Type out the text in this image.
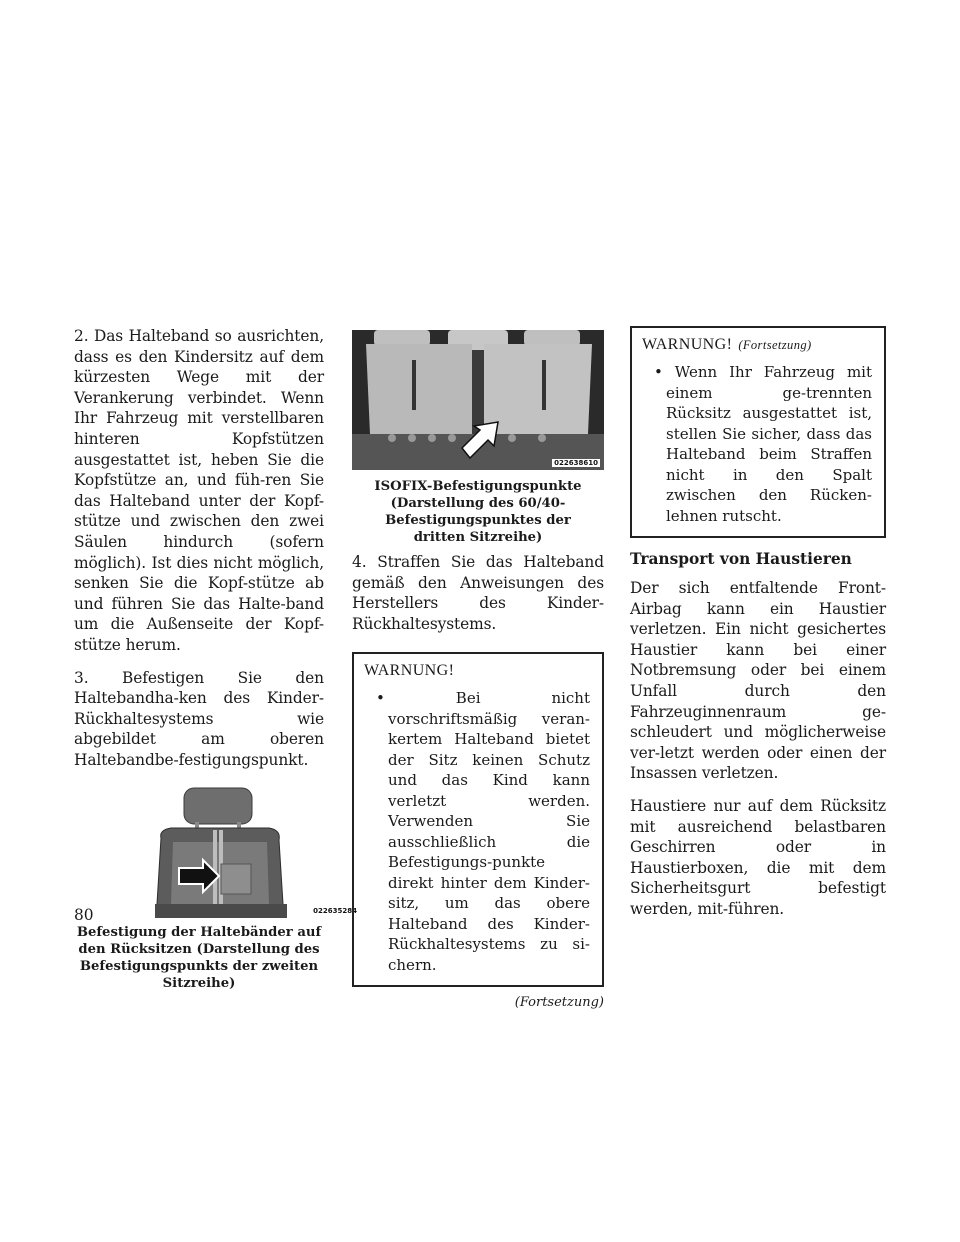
2. Das Halteband so ausrichten, dass es den Kindersitz auf dem kürzesten Wege mit der Verankerung verbindet. Wenn Ihr Fahrzeug mit verstellbaren hinteren Kopfstützen ausgestattet ist, heben Sie die Kopfstütze an, und füh-ren Sie das Halteband unter der Kopf-stütze und zwischen den zwei Säulen hindurch (sofern möglich). Ist dies nicht möglich, senken Sie die Kopf-stütze ab und führen Sie das Halte-band um die Außenseite der Kopf-stütze herum.

3. Befestigen Sie den Haltebandha-ken des Kinder-Rückhaltesystems wie abgebildet am oberen Haltebandbe-festigungspunkt.

022635284
Befestigung der Haltebänder auf den Rücksitzen (Darstellung des Befestigungspunkts der zweiten Sitzreihe)
022638610
ISOFIX-Befestigungspunkte (Darstellung des 60/40-Befestigungspunktes der dritten Sitzreihe)

4. Straffen Sie das Halteband gemäß den Anweisungen des Herstellers des Kinder-Rückhaltesystems.

WARNUNG!
• Bei nicht vorschriftsmäßig veran-kertem Halteband bietet der Sitz keinen Schutz und das Kind kann verletzt werden. Verwenden Sie ausschließlich die Befestigungs-punkte direkt hinter dem Kinder-sitz, um das obere Halteband des Kinder-Rückhaltesystems zu si-chern.
(Fortsetzung)
WARNUNG! (Fortsetzung)
• Wenn Ihr Fahrzeug mit einem ge-trennten Rücksitz ausgestattet ist, stellen Sie sicher, dass das Halteband beim Straffen nicht in den Spalt zwischen den Rücken-lehnen rutscht.
Transport von Haustieren

Der sich entfaltende Front-Airbag kann ein Haustier verletzen. Ein nicht gesichertes Haustier kann bei einer Notbremsung oder bei einem Unfall durch den Fahrzeuginnenraum ge-schleudert und möglicherweise ver-letzt werden oder einen der Insassen verletzen.

Haustiere nur auf dem Rücksitz mit ausreichend belastbaren Geschirren oder in Haustierboxen, die mit dem Sicherheitsgurt befestigt werden, mit-führen.

80
